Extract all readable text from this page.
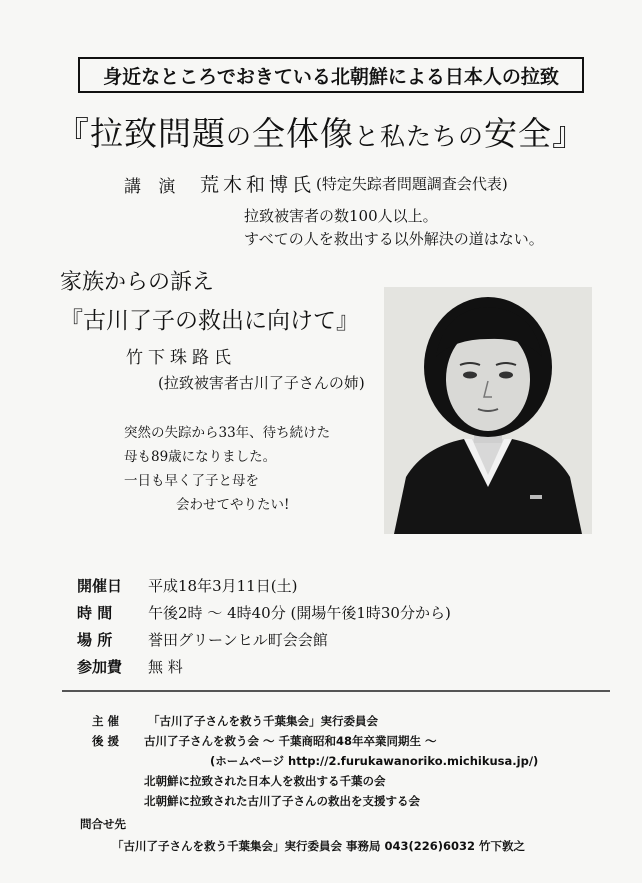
身近なところでおきている北朝鮮による日本人の拉致
『拉致問題の全体像と私たちの安全』
講 演 荒木和博氏 (特定失踪者問題調査会代表)
拉致被害者の数100人以上。
すべての人を救出する以外解決の道はない。
家族からの訴え
『古川了子の救出に向けて』
竹下珠路氏
(拉致被害者古川了子さんの姉)
突然の失踪から33年、待ち続けた
母も89歳になりました。
一日も早く了子と母を
会わせてやりたい!
開催日 平成18年3月11日(土)
時 間 午後2時 〜 4時40分 (開場午後1時30分から)
場 所 誉田グリーンヒル町会会館
参加費 無 料
主 催	「古川了子さんを救う千葉集会」実行委員会
後 援 古川了子さんを救う会 〜 千葉商昭和48年卒業同期生 〜
(ホームページ http://2.furukawanoriko.michikusa.jp/)
北朝鮮に拉致された日本人を救出する千葉の会
北朝鮮に拉致された古川了子さんの救出を支援する会
問合せ先
「古川了子さんを救う千葉集会」実行委員会 事務局 043(226)6032 竹下敦之
